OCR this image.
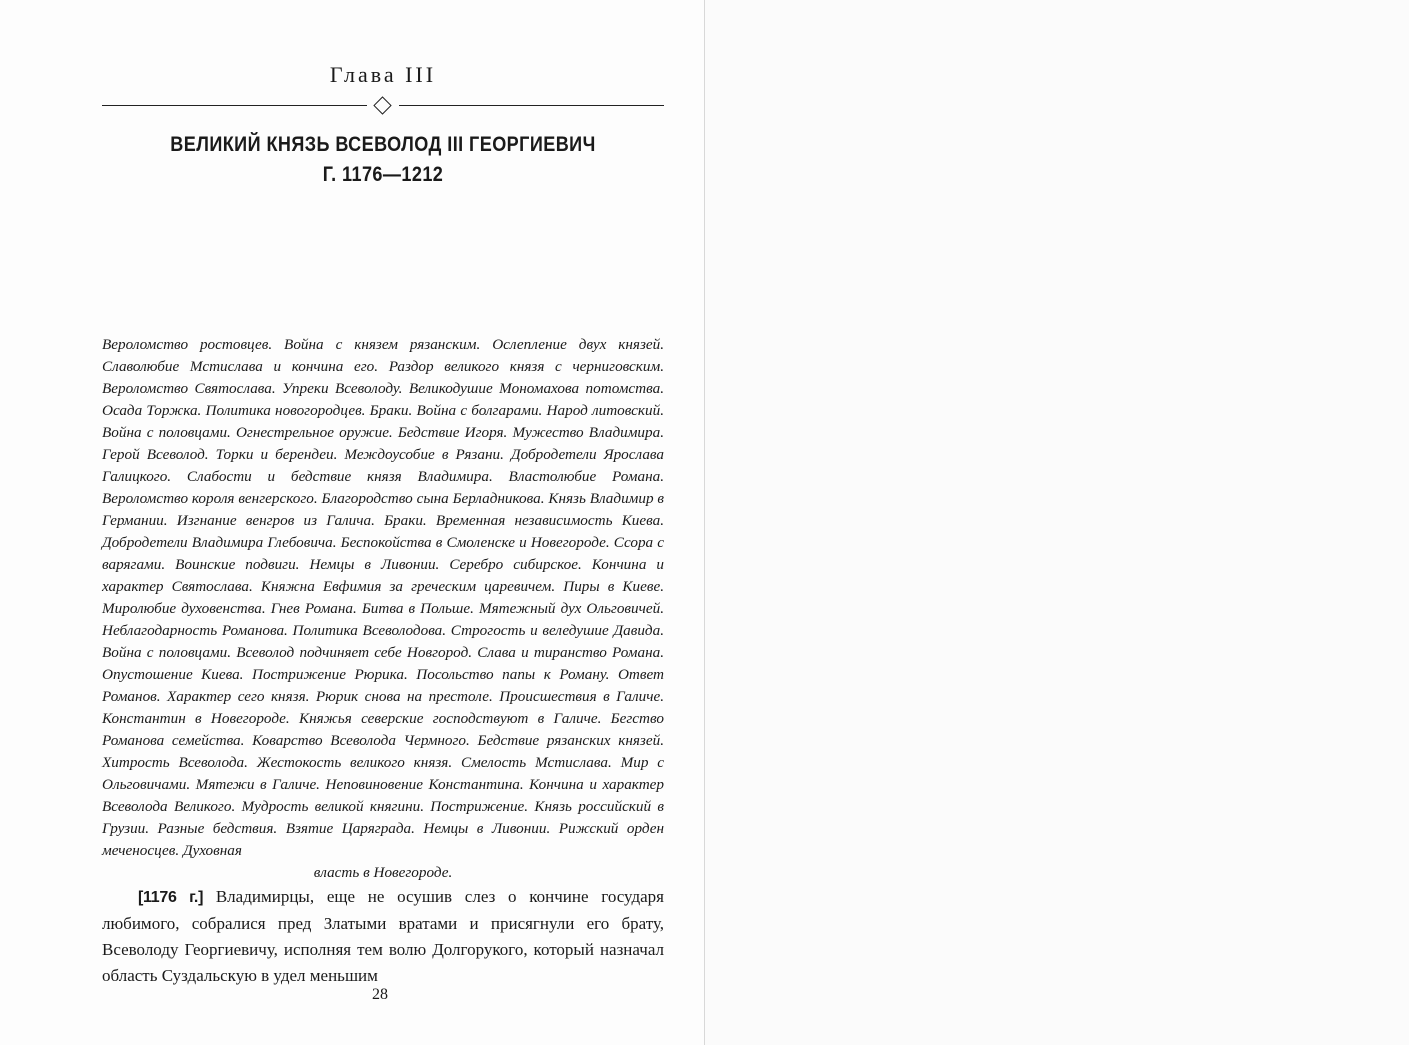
Глава III
ВЕЛИКИЙ КНЯЗЬ ВСЕВОЛОД III ГЕОРГИЕВИЧ
Г. 1176—1212
Вероломство ростовцев. Война с князем рязанским. Ослепление двух князей. Славолюбие Мстислава и кончина его. Раздор великого князя с черниговским. Вероломство Святослава. Упреки Всеволоду. Великодушие Мономахова потомства. Осада Торжка. Политика новогородцев. Браки. Война с болгарами. Народ литовский. Война с половцами. Огнестрельное оружие. Бедствие Игоря. Мужество Владимира. Герой Всеволод. Торки и берендеи. Междоусобие в Рязани. Добродетели Ярослава Галицкого. Слабости и бедствие князя Владимира. Властолюбие Романа. Вероломство короля венгерского. Благородство сына Берладникова. Князь Владимир в Германии. Изгнание венгров из Галича. Браки. Временная независимость Киева. Добродетели Владимира Глебовича. Беспокойства в Смоленске и Новегороде. Ссора с варягами. Воинские подвиги. Немцы в Ливонии. Серебро сибирское. Кончина и характер Святослава. Княжна Евфимия за греческим царевичем. Пиры в Киеве. Миролюбие духовенства. Гнев Романа. Битва в Польше. Мятежный дух Ольговичей. Неблагодарность Романова. Политика Всеволодова. Строгость и веледушие Давида. Война с половцами. Всеволод подчиняет себе Новгород. Слава и тиранство Романа. Опустошение Киева. Пострижение Рюрика. Посольство папы к Роману. Ответ Романов. Характер сего князя. Рюрик снова на престоле. Происшествия в Галиче. Константин в Новегороде. Княжья северские господствуют в Галиче. Бегство Романова семейства. Коварство Всеволода Чермного. Бедствие рязанских князей. Хитрость Всеволода. Жестокость великого князя. Смелость Мстислава. Мир с Ольговичами. Мятежи в Галиче. Неповиновение Константина. Кончина и характер Всеволода Великого. Мудрость великой княгини. Пострижение. Князь российский в Грузии. Разные бедствия. Взятие Царяграда. Немцы в Ливонии. Рижский орден меченосцев. Духовная
власть в Новегороде.

[1176 г.] Владимирцы, еще не осушив слез о кончине государя любимого, собралися пред Златыми вратами и присягнули его брату, Всеволоду Георгиевичу, исполняя тем волю Долгорукого, который назначал область Суздальскую в удел меньшим

28
